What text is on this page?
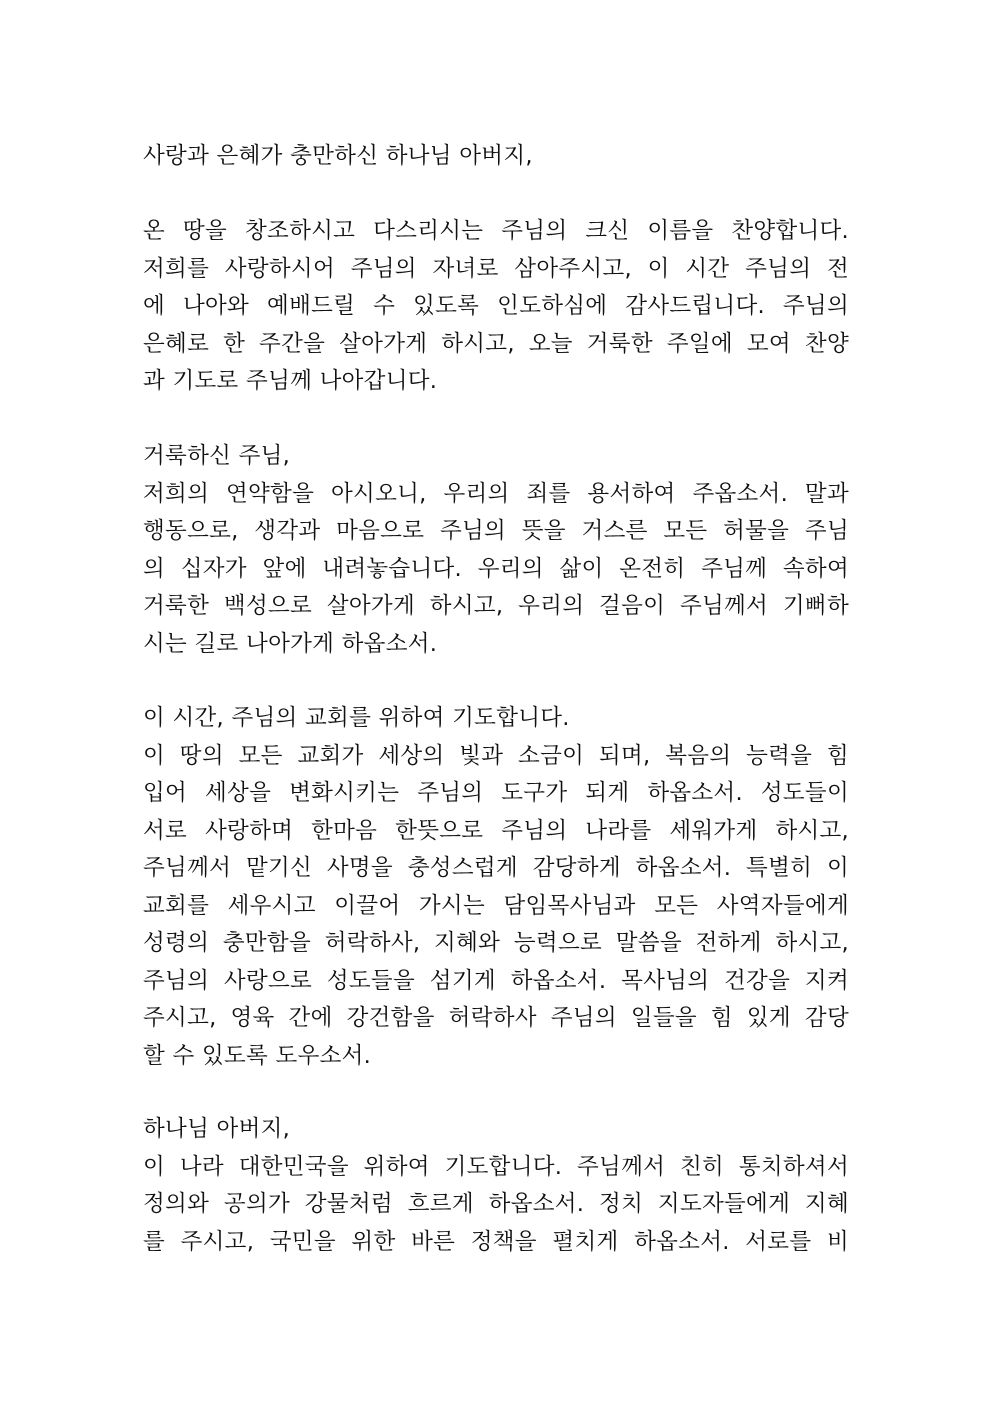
사랑과 은혜가 충만하신 하나님 아버지,
온 땅을 창조하시고 다스리시는 주님의 크신 이름을 찬양합니다.
저희를 사랑하시어 주님의 자녀로 삼아주시고, 이 시간 주님의 전
에 나아와 예배드릴 수 있도록 인도하심에 감사드립니다. 주님의
은혜로 한 주간을 살아가게 하시고, 오늘 거룩한 주일에 모여 찬양
과 기도로 주님께 나아갑니다.
거룩하신 주님,
저희의 연약함을 아시오니, 우리의 죄를 용서하여 주옵소서. 말과
행동으로, 생각과 마음으로 주님의 뜻을 거스른 모든 허물을 주님
의 십자가 앞에 내려놓습니다. 우리의 삶이 온전히 주님께 속하여
거룩한 백성으로 살아가게 하시고, 우리의 걸음이 주님께서 기뻐하
시는 길로 나아가게 하옵소서.
이 시간, 주님의 교회를 위하여 기도합니다.
이 땅의 모든 교회가 세상의 빛과 소금이 되며, 복음의 능력을 힘
입어 세상을 변화시키는 주님의 도구가 되게 하옵소서. 성도들이
서로 사랑하며 한마음 한뜻으로 주님의 나라를 세워가게 하시고,
주님께서 맡기신 사명을 충성스럽게 감당하게 하옵소서. 특별히 이
교회를 세우시고 이끌어 가시는 담임목사님과 모든 사역자들에게
성령의 충만함을 허락하사, 지혜와 능력으로 말씀을 전하게 하시고,
주님의 사랑으로 성도들을 섬기게 하옵소서. 목사님의 건강을 지켜
주시고, 영육 간에 강건함을 허락하사 주님의 일들을 힘 있게 감당
할 수 있도록 도우소서.
하나님 아버지,
이 나라 대한민국을 위하여 기도합니다. 주님께서 친히 통치하셔서
정의와 공의가 강물처럼 흐르게 하옵소서. 정치 지도자들에게 지혜
를 주시고, 국민을 위한 바른 정책을 펼치게 하옵소서. 서로를 비
